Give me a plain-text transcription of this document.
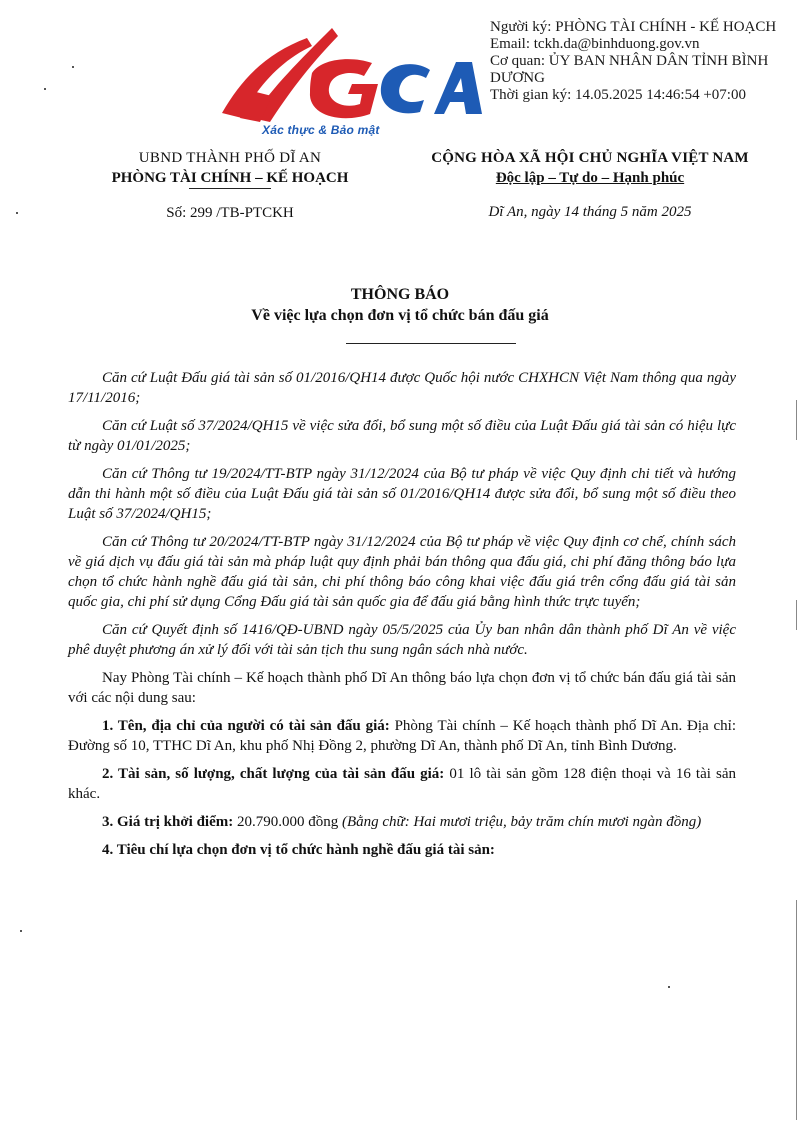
Xác thực & Bảo mật
Người ký: PHÒNG TÀI CHÍNH - KẾ HOẠCH
Email: tckh.da@binhduong.gov.vn
Cơ quan: ỦY BAN NHÂN DÂN TỈNH BÌNH DƯƠNG
Thời gian ký: 14.05.2025 14:46:54 +07:00
UBND THÀNH PHỐ DĨ AN
PHÒNG TÀI CHÍNH – KẾ HOẠCH
Số: 299 /TB-PTCKH
CỘNG HÒA XÃ HỘI CHỦ NGHĨA VIỆT NAM
Độc lập – Tự do – Hạnh phúc
Dĩ An, ngày 14 tháng 5 năm 2025
THÔNG BÁO
Về việc lựa chọn đơn vị tổ chức bán đấu giá

Căn cứ Luật Đấu giá tài sản số 01/2016/QH14 được Quốc hội nước CHXHCN Việt Nam thông qua ngày 17/11/2016;

Căn cứ Luật số 37/2024/QH15 về việc sửa đổi, bổ sung một số điều của Luật Đấu giá tài sản có hiệu lực từ ngày 01/01/2025;

Căn cứ Thông tư 19/2024/TT-BTP ngày 31/12/2024 của Bộ tư pháp về việc Quy định chi tiết và hướng dẫn thi hành một số điều của Luật Đấu giá tài sản số 01/2016/QH14 được sửa đổi, bổ sung một số điều theo Luật số 37/2024/QH15;

Căn cứ Thông tư 20/2024/TT-BTP ngày 31/12/2024 của Bộ tư pháp về việc Quy định cơ chế, chính sách về giá dịch vụ đấu giá tài sản mà pháp luật quy định phải bán thông qua đấu giá, chi phí đăng thông báo lựa chọn tổ chức hành nghề đấu giá tài sản, chi phí thông báo công khai việc đấu giá trên cổng đấu giá tài sản quốc gia, chi phí sử dụng Cổng Đấu giá tài sản quốc gia để đấu giá bằng hình thức trực tuyến;

Căn cứ Quyết định số 1416/QĐ-UBND ngày 05/5/2025 của Ủy ban nhân dân thành phố Dĩ An về việc phê duyệt phương án xử lý đối với tài sản tịch thu sung ngân sách nhà nước.

Nay Phòng Tài chính – Kế hoạch thành phố Dĩ An thông báo lựa chọn đơn vị tổ chức bán đấu giá tài sản với các nội dung sau:

1. Tên, địa chỉ của người có tài sản đấu giá: Phòng Tài chính – Kế hoạch thành phố Dĩ An. Địa chỉ: Đường số 10, TTHC Dĩ An, khu phố Nhị Đồng 2, phường Dĩ An, thành phố Dĩ An, tỉnh Bình Dương.

2. Tài sản, số lượng, chất lượng của tài sản đấu giá: 01 lô tài sản gồm 128 điện thoại và 16 tài sản khác.

3. Giá trị khởi điểm: 20.790.000 đồng (Bằng chữ: Hai mươi triệu, bảy trăm chín mươi ngàn đồng)

4. Tiêu chí lựa chọn đơn vị tổ chức hành nghề đấu giá tài sản:
